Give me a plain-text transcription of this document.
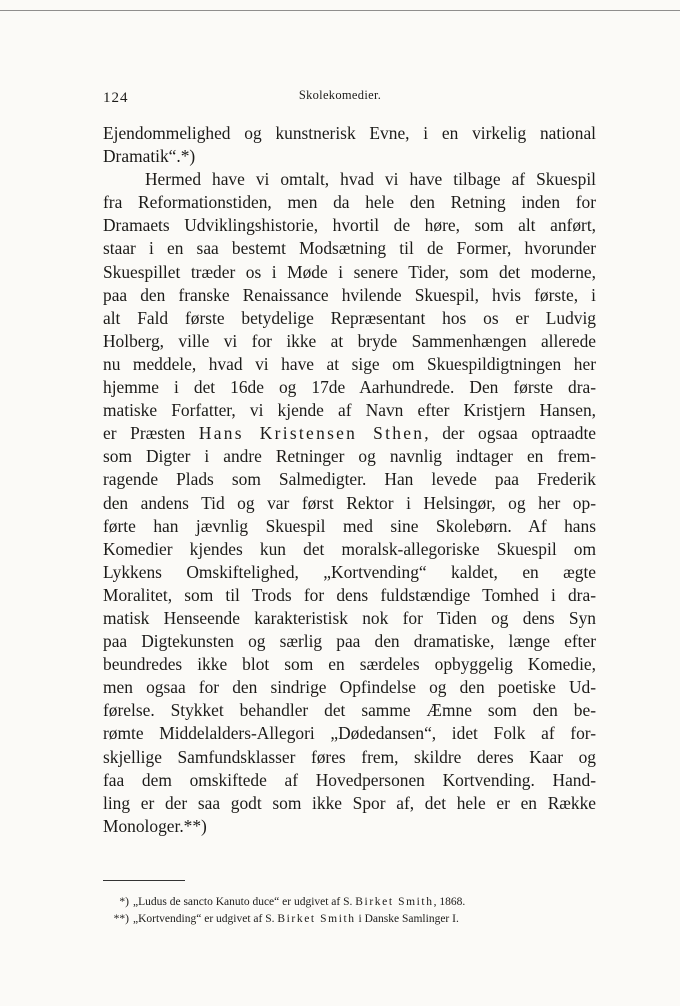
124	Skolekomedier.
Ejendommelighed og kunstnerisk Evne, i en virkelig national
Dramatik“.*)
Hermed have vi omtalt, hvad vi have tilbage af Skuespil
fra Reformationstiden, men da hele den Retning inden for
Dramaets Udviklingshistorie, hvortil de høre, som alt anført,
staar i en saa bestemt Modsætning til de Former, hvorunder
Skuespillet træder os i Møde i senere Tider, som det moderne,
paa den franske Renaissance hvilende Skuespil, hvis første, i
alt Fald første betydelige Repræsentant hos os er Ludvig
Holberg, ville vi for ikke at bryde Sammenhængen allerede
nu meddele, hvad vi have at sige om Skuespildigtningen her
hjemme i det 16de og 17de Aarhundrede. Den første dra-
matiske Forfatter, vi kjende af Navn efter Kristjern Hansen,
er Præsten Hans Kristensen Sthen, der ogsaa optraadte
som Digter i andre Retninger og navnlig indtager en frem-
ragende Plads som Salmedigter. Han levede paa Frederik
den andens Tid og var først Rektor i Helsingør, og her op-
førte han jævnlig Skuespil med sine Skolebørn. Af hans
Komedier kjendes kun det moralsk-allegoriske Skuespil om
Lykkens Omskiftelighed, „Kortvending“ kaldet, en ægte
Moralitet, som til Trods for dens fuldstændige Tomhed i dra-
matisk Henseende karakteristisk nok for Tiden og dens Syn
paa Digtekunsten og særlig paa den dramatiske, længe efter
beundredes ikke blot som en særdeles opbyggelig Komedie,
men ogsaa for den sindrige Opfindelse og den poetiske Ud-
førelse. Stykket behandler det samme Æmne som den be-
rømte Middelalders-Allegori „Dødedansen“, idet Folk af for-
skjellige Samfundsklasser føres frem, skildre deres Kaar og
faa dem omskiftede af Hovedpersonen Kortvending. Hand-
ling er der saa godt som ikke Spor af, det hele er en Række
Monologer.**)
*) „Ludus de sancto Kanuto duce“ er udgivet af S. Birket Smith, 1868.
**) „Kortvending“ er udgivet af S. Birket Smith i Danske Samlinger I.
